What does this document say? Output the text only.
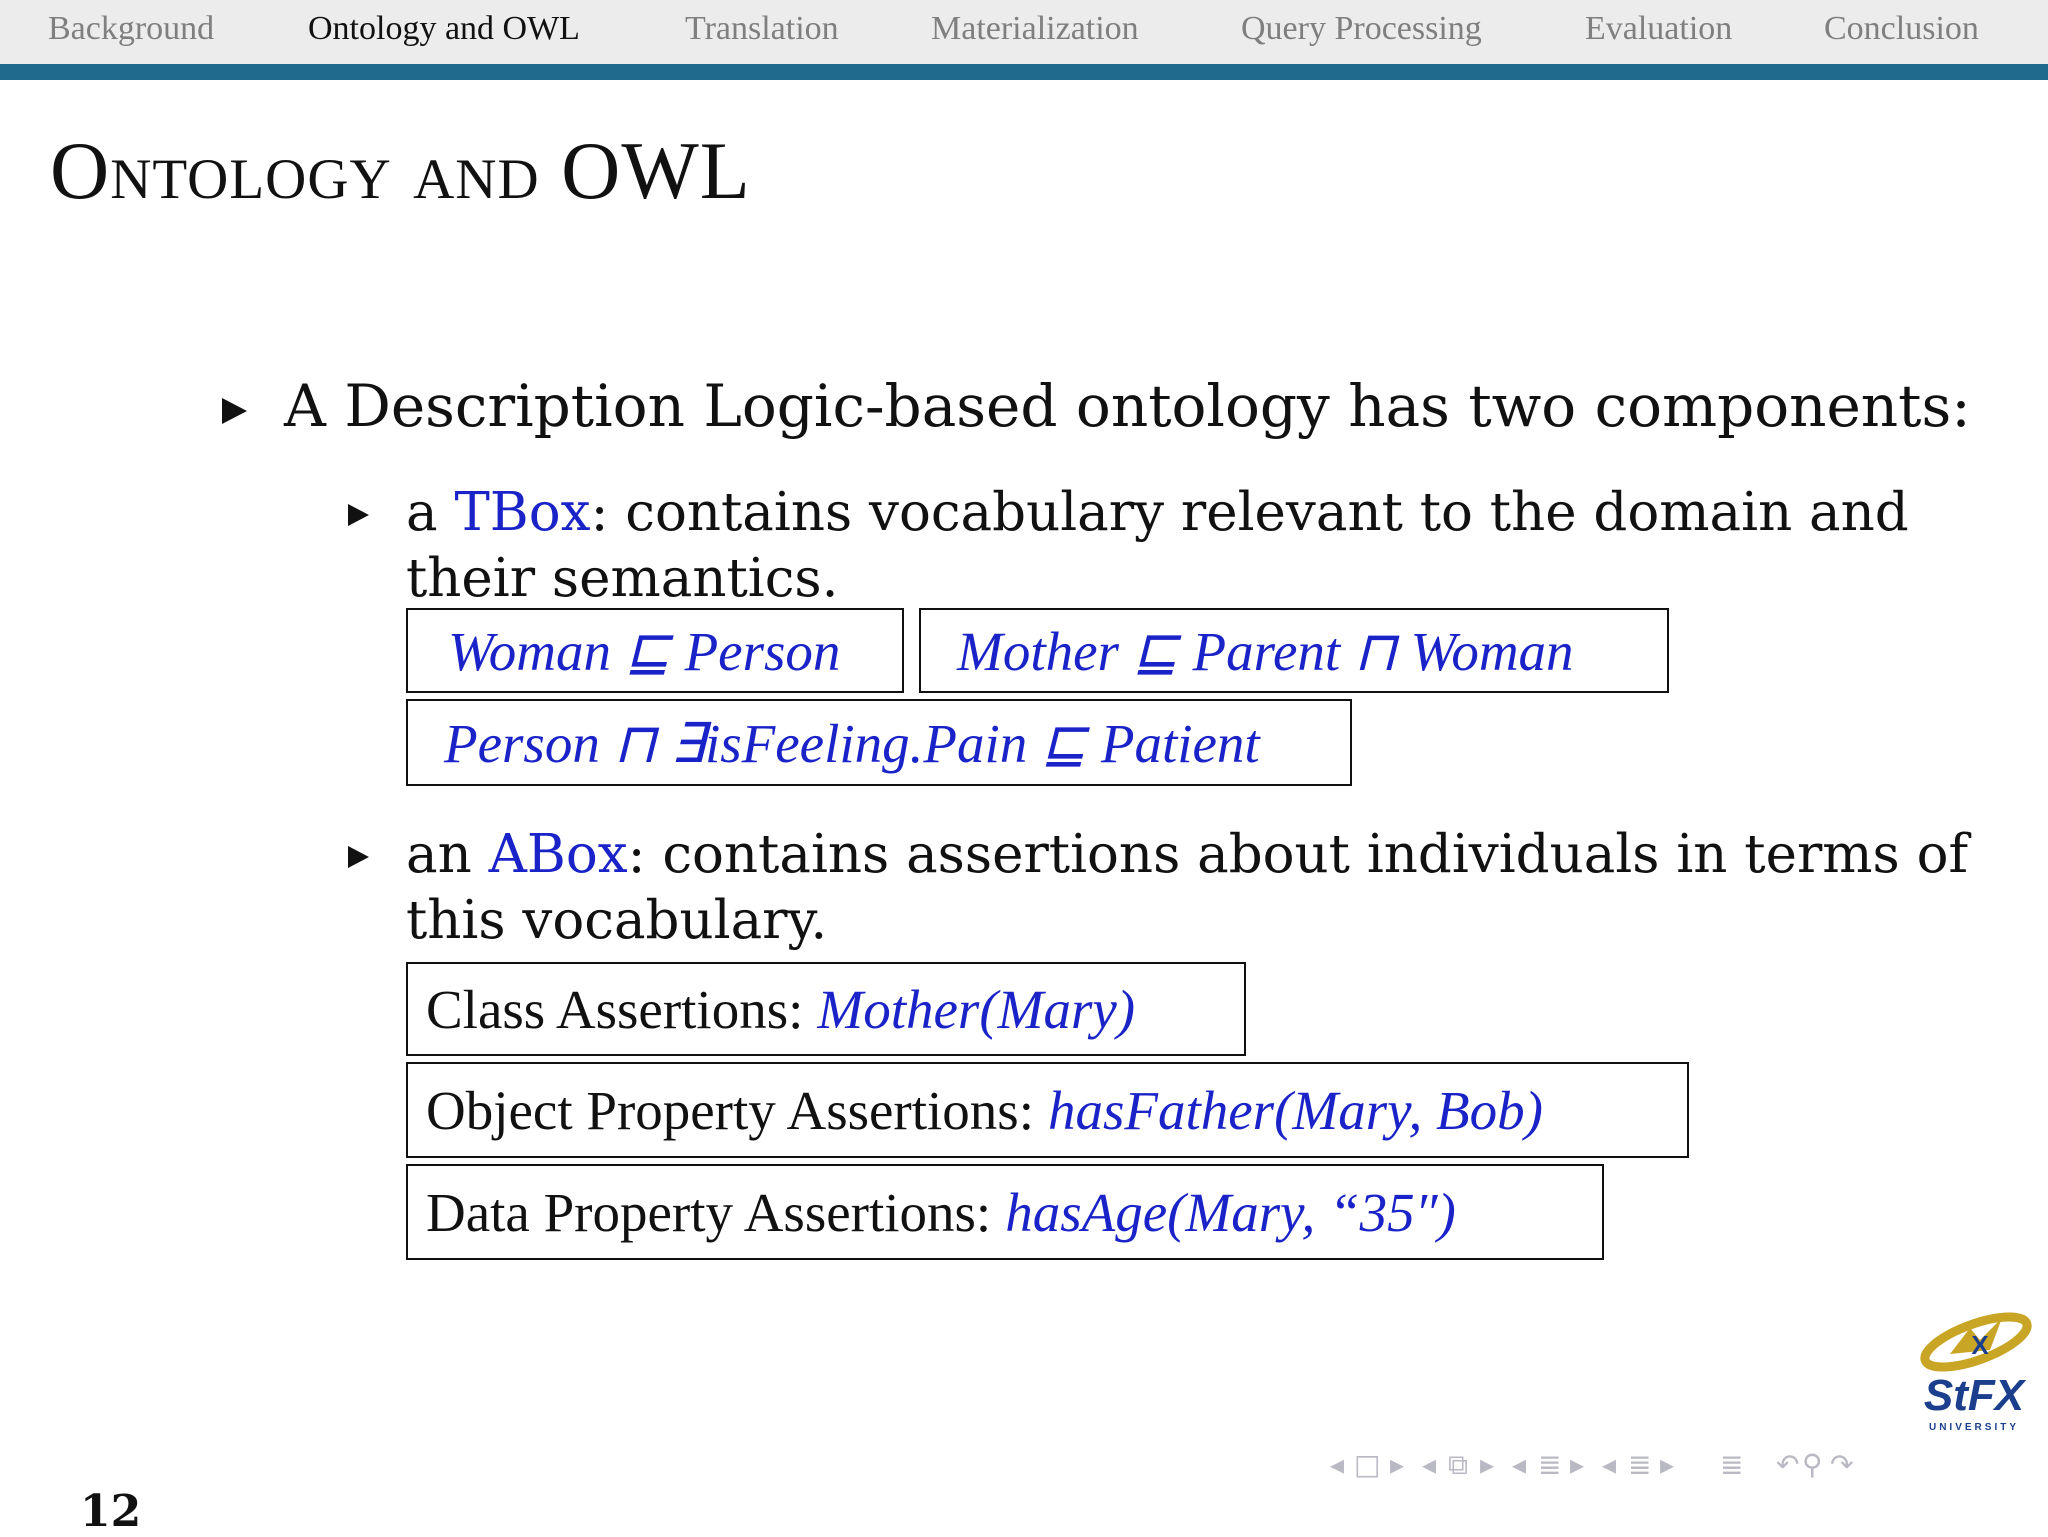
Background	Ontology and OWL	Translation	Materialization	Query Processing	Evaluation	Conclusion
Ontology and OWL
A Description Logic-based ontology has two components:
a TBox: contains vocabulary relevant to the domain and
their semantics.
Woman ⊑ Person Mother ⊑ Parent ⊓ Woman
Person ⊓ ∃isFeeling.Pain ⊑ Patient
an ABox: contains assertions about individuals in terms of
this vocabulary.
Class Assertions: Mother(Mary)
Object Property Assertions: hasFather(Mary, Bob)
Data Property Assertions: hasAge(Mary, “35″)
X
StFX
UNIVERSITY
◂ □ ▸ ◂ ⧉ ▸ ◂ ≣ ▸ ◂ ≣ ▸ ≣ ↶ ⚲ ↷
12
